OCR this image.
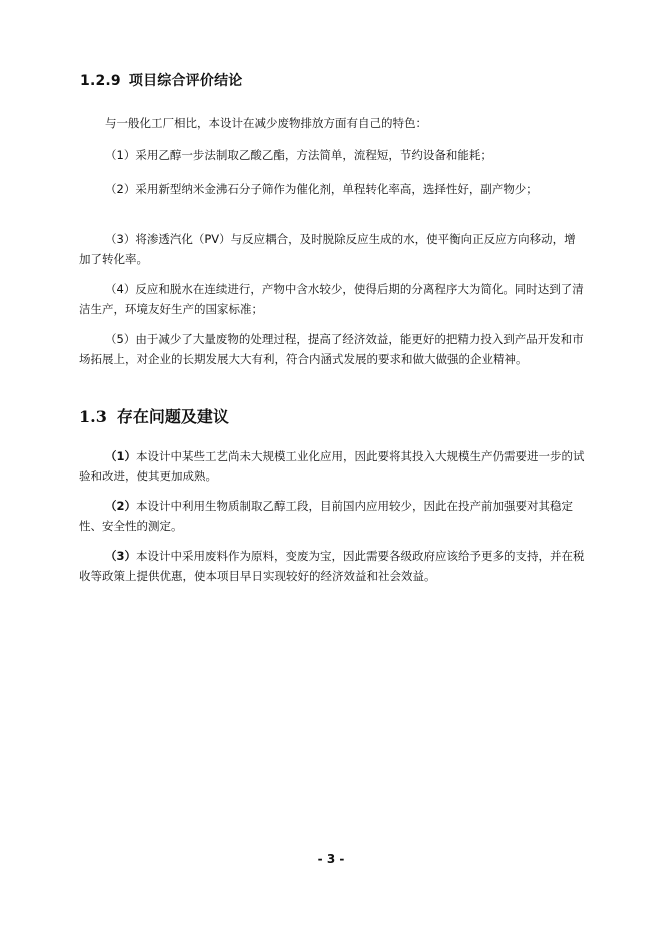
1.2.9 项目综合评价结论

与一般化工厂相比，本设计在减少废物排放方面有自己的特色：

（1）采用乙醇一步法制取乙酸乙酯，方法简单，流程短，节约设备和能耗；

（2）采用新型纳米金沸石分子筛作为催化剂，单程转化率高，选择性好，副产物少；

（3）将渗透汽化（PV）与反应耦合，及时脱除反应生成的水，使平衡向正反应方向移动，增加了转化率。

（4）反应和脱水在连续进行，产物中含水较少，使得后期的分离程序大为简化。同时达到了清洁生产，环境友好生产的国家标准；

（5）由于减少了大量废物的处理过程，提高了经济效益，能更好的把精力投入到产品开发和市场拓展上，对企业的长期发展大大有利，符合内涵式发展的要求和做大做强的企业精神。

1.3 存在问题及建议

（1）本设计中某些工艺尚未大规模工业化应用，因此要将其投入大规模生产仍需要进一步的试验和改进，使其更加成熟。

（2）本设计中利用生物质制取乙醇工段，目前国内应用较少，因此在投产前加强要对其稳定性、安全性的测定。

（3）本设计中采用废料作为原料，变废为宝，因此需要各级政府应该给予更多的支持，并在税收等政策上提供优惠，使本项目早日实现较好的经济效益和社会效益。

- 3 -
